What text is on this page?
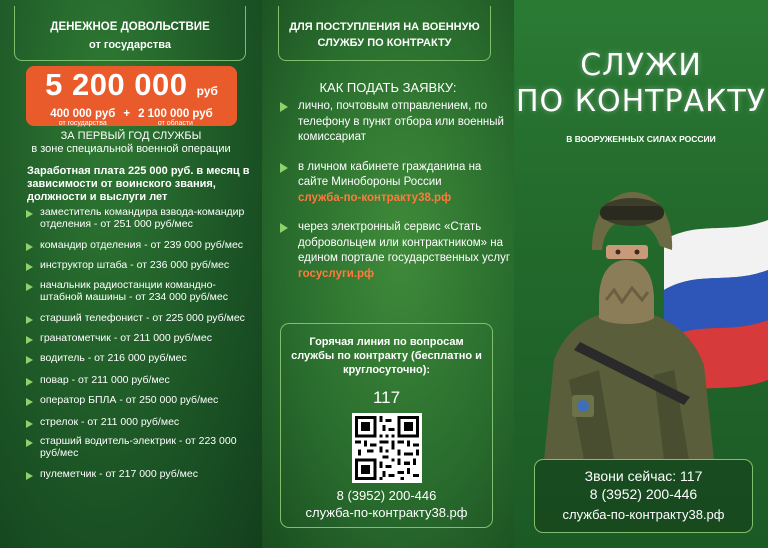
ДЕНЕЖНОЕ ДОВОЛЬСТВИЕ
от государства
5 200 000 руб
400 000 руб
от государства
+ 2 100 000 руб
от области
ЗА ПЕРВЫЙ ГОД СЛУЖБЫ
в зоне специальной военной операции
Заработная плата 225 000 руб. в месяц в зависимости от воинского звания, должности и выслуги лет
заместитель командира взвода-командир отделения - от 251 000 руб/мес
командир отделения - от 239 000 руб/мес
инструктор штаба - от 236 000 руб/мес
начальник радиостанции командно-штабной машины - от 234 000 руб/мес
старший телефонист - от 225 000 руб/мес
гранатометчик - от 211 000 руб/мес
водитель - от 216 000 руб/мес
повар - от 211 000 руб/мес
оператор БПЛА - от 250 000 руб/мес
стрелок - от 211 000 руб/мес
старший водитель-электрик - от 223 000 руб/мес
пулеметчик - от 217 000 руб/мес
ДЛЯ ПОСТУПЛЕНИЯ НА ВОЕННУЮ СЛУЖБУ ПО КОНТРАКТУ
КАК ПОДАТЬ ЗАЯВКУ:
лично, почтовым отправлением, по телефону в пункт отбора или военный комиссариат
в личном кабинете гражданина на сайте Минобороны России
служба-по-контракту38.рф
через электронный сервис «Стать добровольцем или контрактником» на едином портале государственных услуг
госуслуги.рф
Горячая линия по вопросам службы по контракту (бесплатно и круглосуточно):
117
8 (3952) 200-446
служба-по-контракту38.рф
СЛУЖИ
ПО КОНТРАКТУ
В ВООРУЖЕННЫХ СИЛАХ РОССИИ
Звони сейчас: 117
8 (3952) 200-446
служба-по-контракту38.рф
